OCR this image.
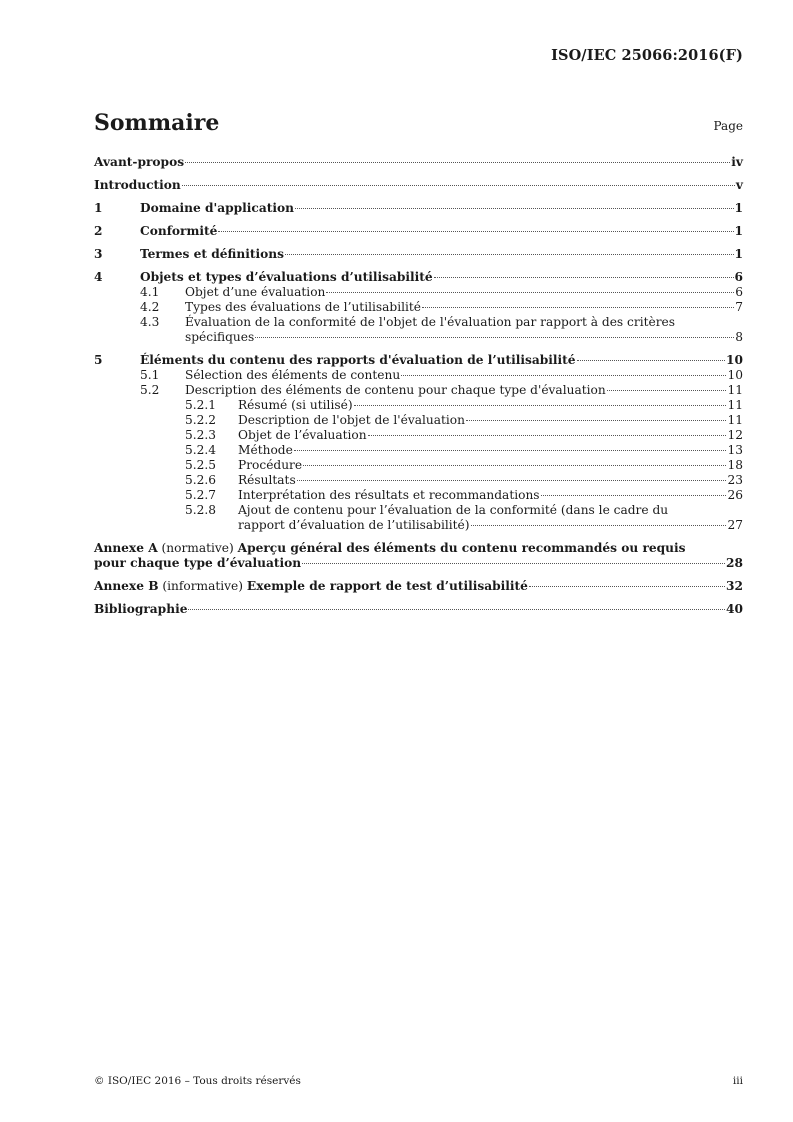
ISO/IEC 25066:2016(F)
Sommaire	Page
Avant-propos	iv
Introduction	v
1	Domaine d'application	1
2	Conformité	1
3	Termes et définitions	1
4	Objets et types d’évaluations d’utilisabilité	6
4.1 Objet d’une évaluation	6
4.2 Types des évaluations de l’utilisabilité	7
4.3 Évaluation de la conformité de l'objet de l'évaluation par rapport à des critères
spécifiques	8
5	Éléments du contenu des rapports d'évaluation de l’utilisabilité	10
5.1 Sélection des éléments de contenu	10
5.2 Description des éléments de contenu pour chaque type d'évaluation	11
5.2.1 Résumé (si utilisé)	11
5.2.2 Description de l'objet de l'évaluation	11
5.2.3 Objet de l’évaluation	12
5.2.4 Méthode	13
5.2.5 Procédure	18
5.2.6 Résultats	23
5.2.7 Interprétation des résultats et recommandations	26
5.2.8 Ajout de contenu pour l’évaluation de la conformité (dans le cadre du
rapport d’évaluation de l’utilisabilité)	27
Annexe A (normative) Aperçu général des éléments du contenu recommandés ou requis
pour chaque type d’évaluation	28
Annexe B (informative) Exemple de rapport de test d’utilisabilité	32
Bibliographie	40
© ISO/IEC 2016 – Tous droits réservés	iii
